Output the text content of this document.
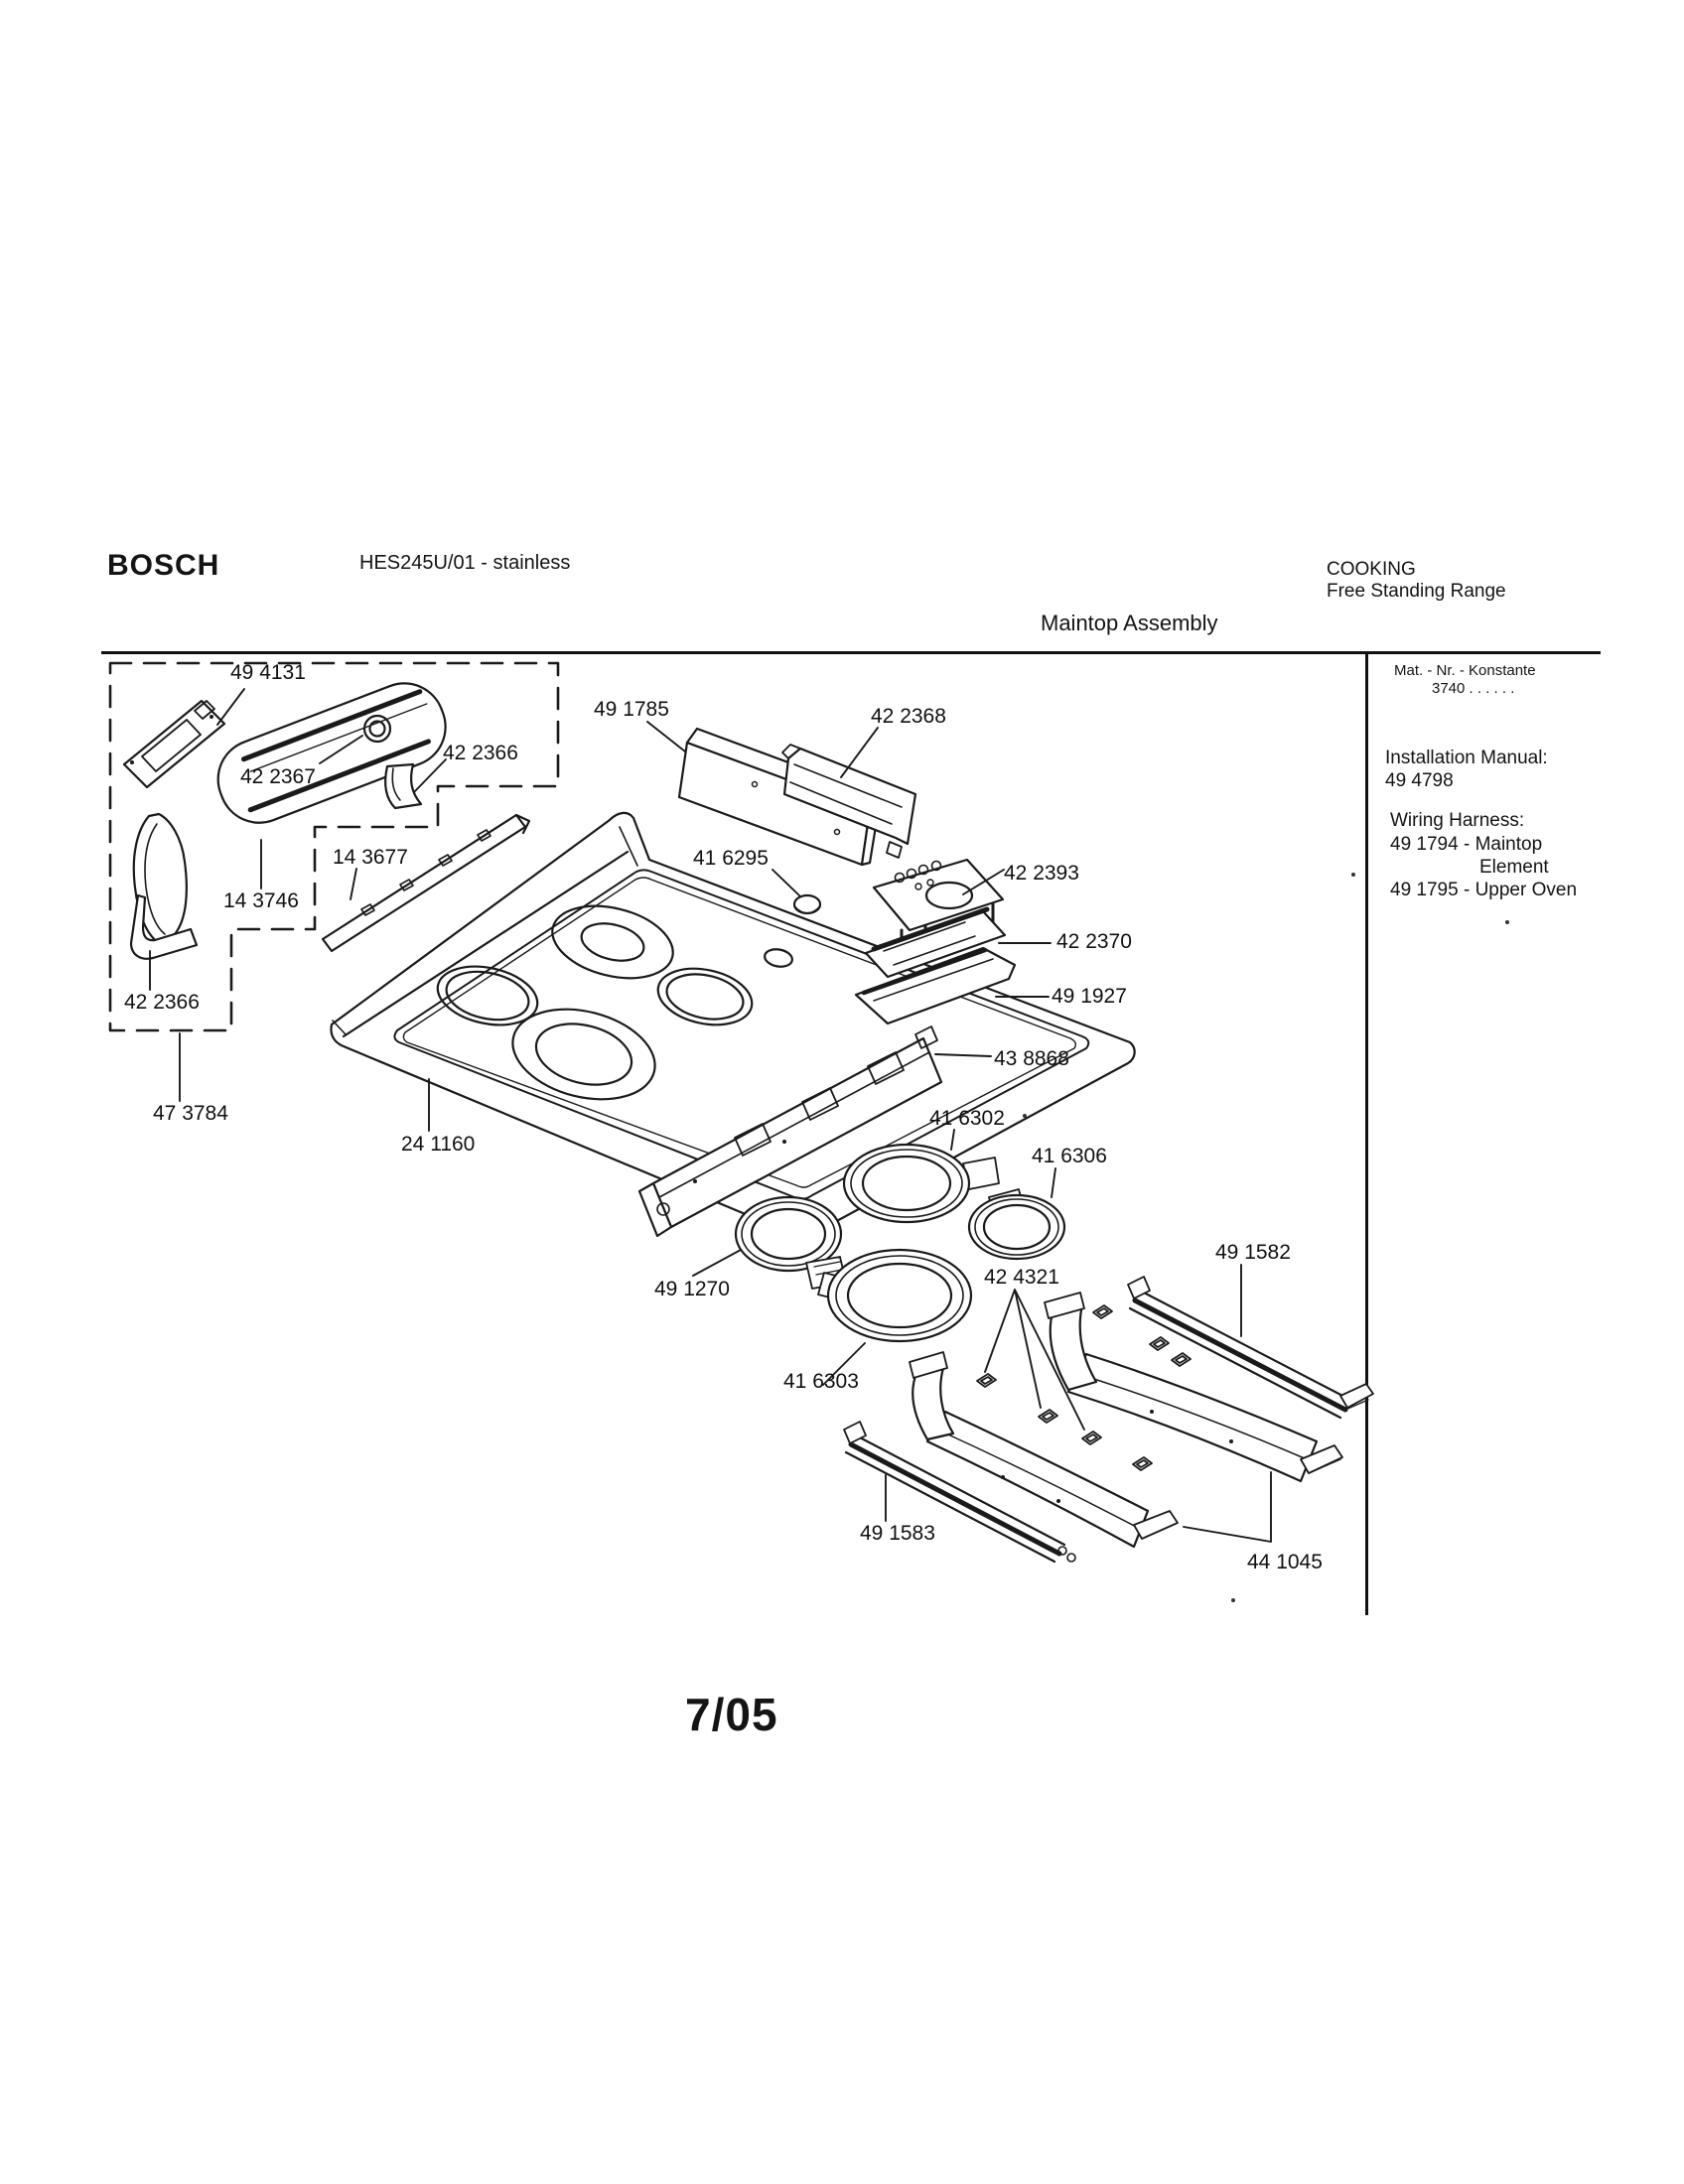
BOSCH	HES245U/01 - stainless	COOKING
Free Standing Range
Maintop Assembly
Mat. - Nr. - Konstante
3740 . . . . . .
Installation Manual:
49 4798
Wiring Harness:
49 1794 - Maintop
Element
49 1795 - Upper Oven
49 4131
42 2367
42 2366
14 3677
14 3746
42 2366
47 3784
24 1160
49 1785	42 2368
41 6295
42 2393
42 2370
49 1927
43 8868
41 6302
41 6306
49 1270
42 4321
49 1582
41 6303
49 1583
44 1045
7/05
